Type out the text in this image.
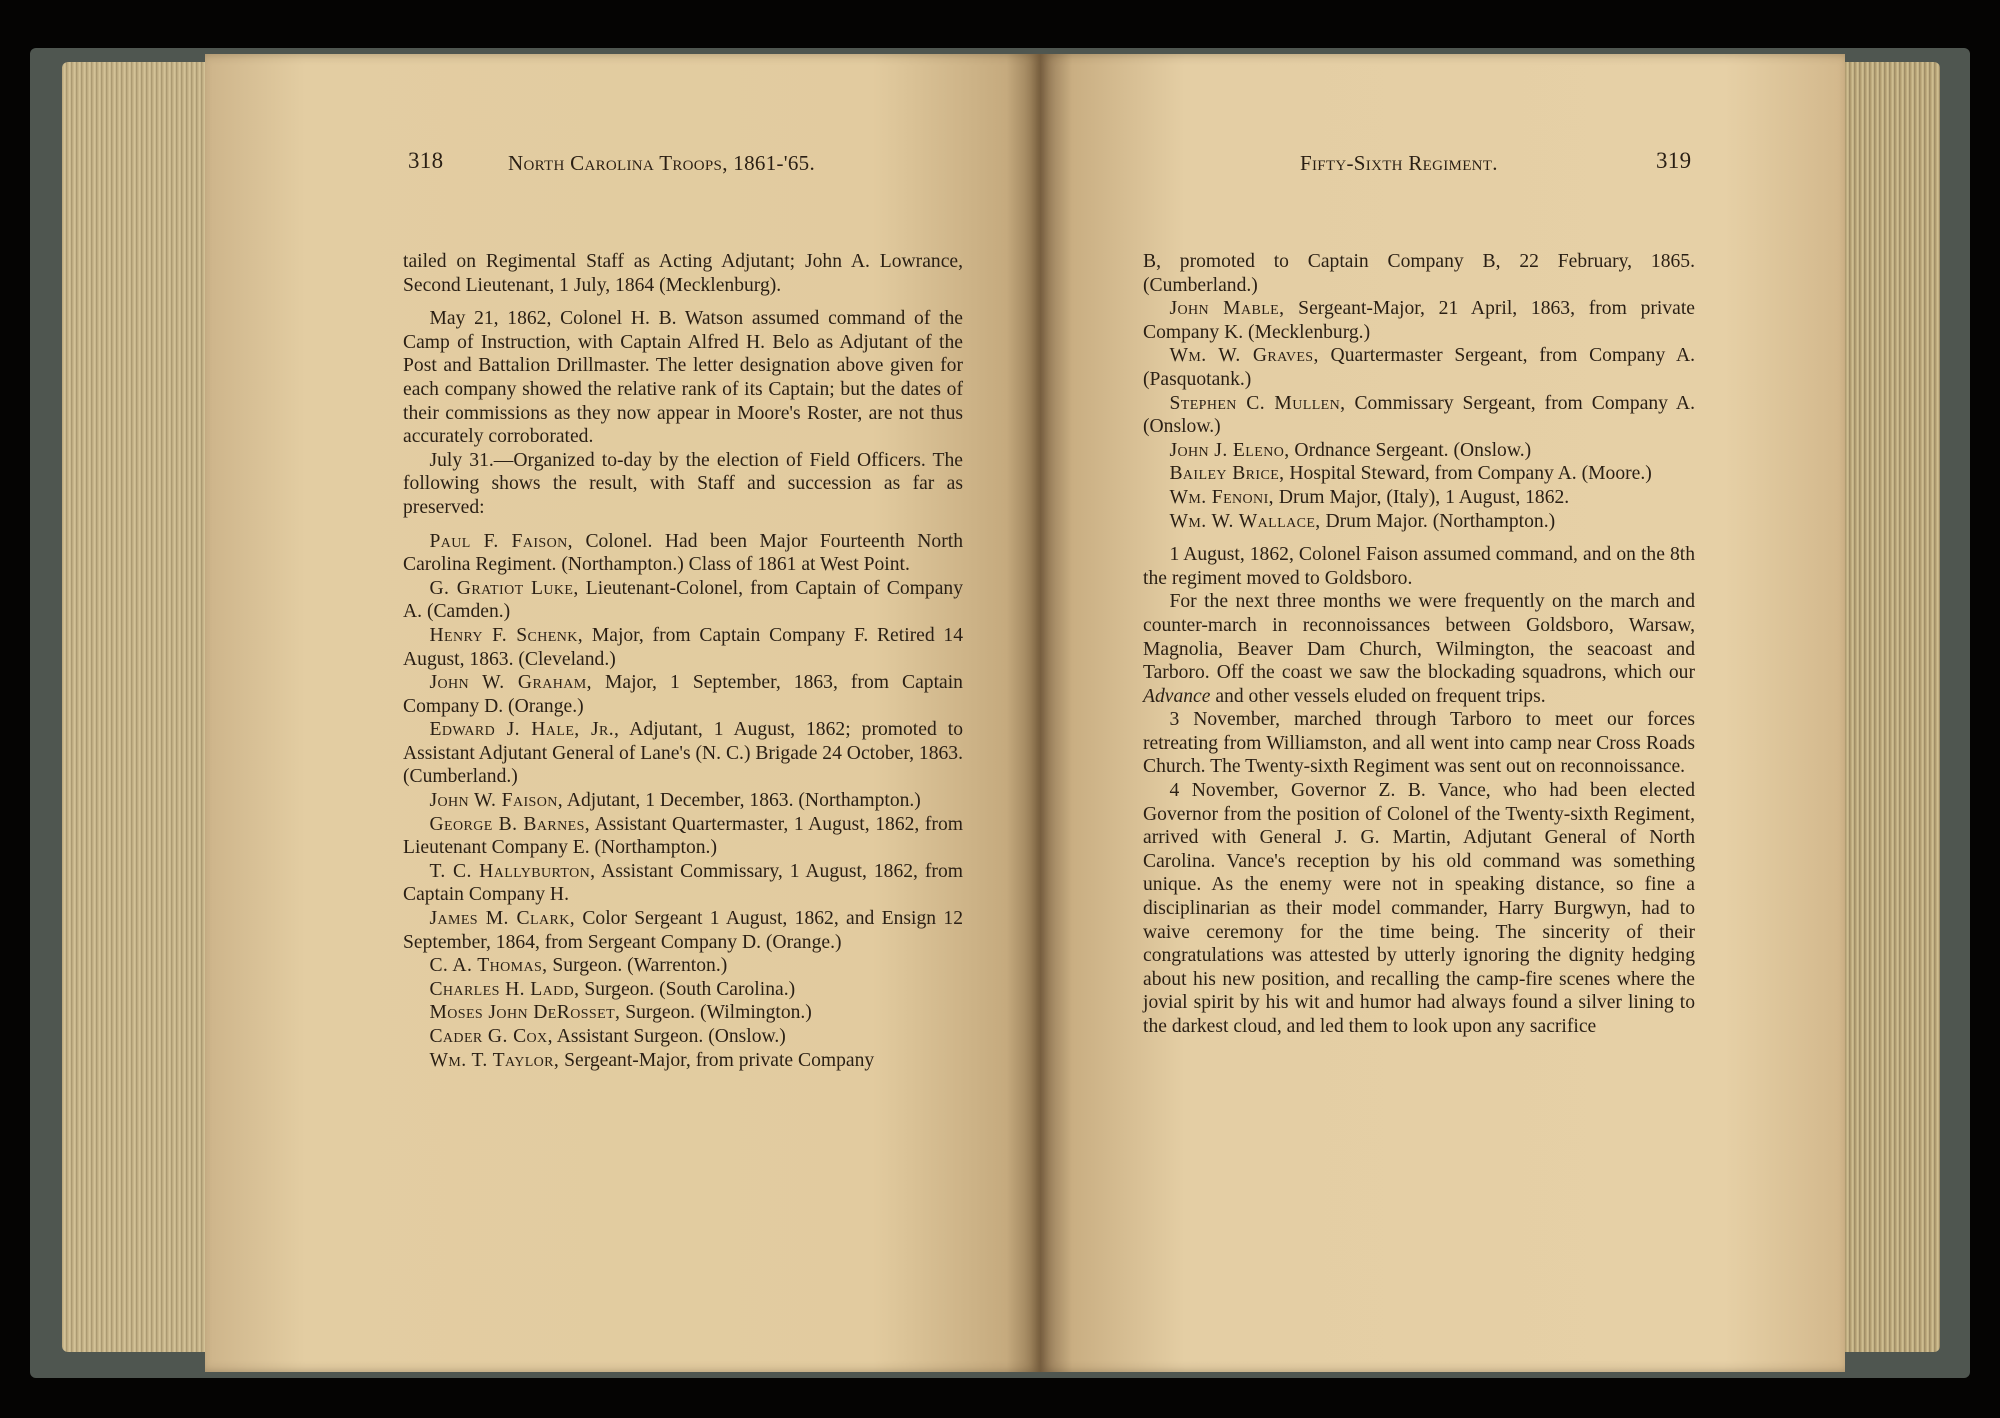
318	North Carolina Troops, 1861-'65.	Fifty-Sixth Regiment.	319

tailed on Regimental Staff as Acting Adjutant; John A. Lowrance, Second Lieutenant, 1 July, 1864 (Mecklenburg).

May 21, 1862, Colonel H. B. Watson assumed command of the Camp of Instruction, with Captain Alfred H. Belo as Adjutant of the Post and Battalion Drillmaster. The letter designation above given for each company showed the relative rank of its Captain; but the dates of their commissions as they now appear in Moore's Roster, are not thus accurately corroborated.

July 31.—Organized to-day by the election of Field Officers. The following shows the result, with Staff and succession as far as preserved:

Paul F. Faison, Colonel. Had been Major Fourteenth North Carolina Regiment. (Northampton.) Class of 1861 at West Point.

G. Gratiot Luke, Lieutenant-Colonel, from Captain of Company A. (Camden.)

Henry F. Schenk, Major, from Captain Company F. Retired 14 August, 1863. (Cleveland.)

John W. Graham, Major, 1 September, 1863, from Captain Company D. (Orange.)

Edward J. Hale, Jr., Adjutant, 1 August, 1862; promoted to Assistant Adjutant General of Lane's (N. C.) Brigade 24 October, 1863. (Cumberland.)

John W. Faison, Adjutant, 1 December, 1863. (Northampton.)

George B. Barnes, Assistant Quartermaster, 1 August, 1862, from Lieutenant Company E. (Northampton.)

T. C. Hallyburton, Assistant Commissary, 1 August, 1862, from Captain Company H.

James M. Clark, Color Sergeant 1 August, 1862, and Ensign 12 September, 1864, from Sergeant Company D. (Orange.)

C. A. Thomas, Surgeon. (Warrenton.)

Charles H. Ladd, Surgeon. (South Carolina.)

Moses John DeRosset, Surgeon. (Wilmington.)

Cader G. Cox, Assistant Surgeon. (Onslow.)

Wm. T. Taylor, Sergeant-Major, from private Company

B, promoted to Captain Company B, 22 February, 1865. (Cumberland.)

John Mable, Sergeant-Major, 21 April, 1863, from private Company K. (Mecklenburg.)

Wm. W. Graves, Quartermaster Sergeant, from Company A. (Pasquotank.)

Stephen C. Mullen, Commissary Sergeant, from Company A. (Onslow.)

John J. Eleno, Ordnance Sergeant. (Onslow.)

Bailey Brice, Hospital Steward, from Company A. (Moore.)

Wm. Fenoni, Drum Major, (Italy), 1 August, 1862.

Wm. W. Wallace, Drum Major. (Northampton.)

1 August, 1862, Colonel Faison assumed command, and on the 8th the regiment moved to Goldsboro.

For the next three months we were frequently on the march and counter-march in reconnoissances between Goldsboro, Warsaw, Magnolia, Beaver Dam Church, Wilmington, the seacoast and Tarboro. Off the coast we saw the blockading squadrons, which our Advance and other vessels eluded on frequent trips.

3 November, marched through Tarboro to meet our forces retreating from Williamston, and all went into camp near Cross Roads Church. The Twenty-sixth Regiment was sent out on reconnoissance.

4 November, Governor Z. B. Vance, who had been elected Governor from the position of Colonel of the Twenty-sixth Regiment, arrived with General J. G. Martin, Adjutant General of North Carolina. Vance's reception by his old command was something unique. As the enemy were not in speaking distance, so fine a disciplinarian as their model commander, Harry Burgwyn, had to waive ceremony for the time being. The sincerity of their congratulations was attested by utterly ignoring the dignity hedging about his new position, and recalling the camp-fire scenes where the jovial spirit by his wit and humor had always found a silver lining to the darkest cloud, and led them to look upon any sacrifice
